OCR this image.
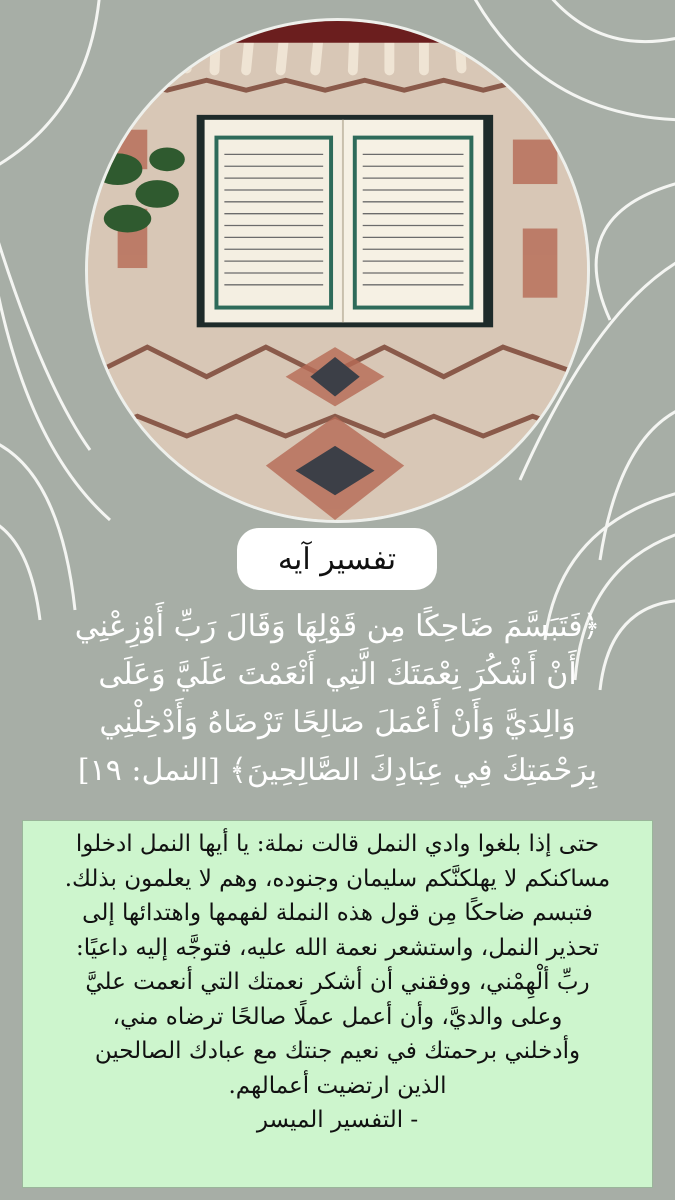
تفسير آيه
﴿فَتَبَسَّمَ ضَاحِكًا مِن قَوْلِهَا وَقَالَ رَبِّ أَوْزِعْنِي
أَنْ أَشْكُرَ نِعْمَتَكَ الَّتِي أَنْعَمْتَ عَلَيَّ وَعَلَى
وَالِدَيَّ وَأَنْ أَعْمَلَ صَالِحًا تَرْضَاهُ وَأَدْخِلْنِي
بِرَحْمَتِكَ فِي عِبَادِكَ الصَّالِحِينَ﴾ [النمل: ١٩]
حتى إذا بلغوا وادي النمل قالت نملة: يا أيها النمل ادخلوا
مساكنكم لا يهلكنَّكم سليمان وجنوده، وهم لا يعلمون بذلك.
فتبسم ضاحكًا مِن قول هذه النملة لفهمها واهتدائها إلى
تحذير النمل، واستشعر نعمة الله عليه، فتوجَّه إليه داعيًا:
ربِّ ألْهِمْني، ووفقني أن أشكر نعمتك التي أنعمت عليَّ
وعلى والديَّ، وأن أعمل عملًا صالحًا ترضاه مني،
وأدخلني برحمتك في نعيم جنتك مع عبادك الصالحين
الذين ارتضيت أعمالهم.
- التفسير الميسر
